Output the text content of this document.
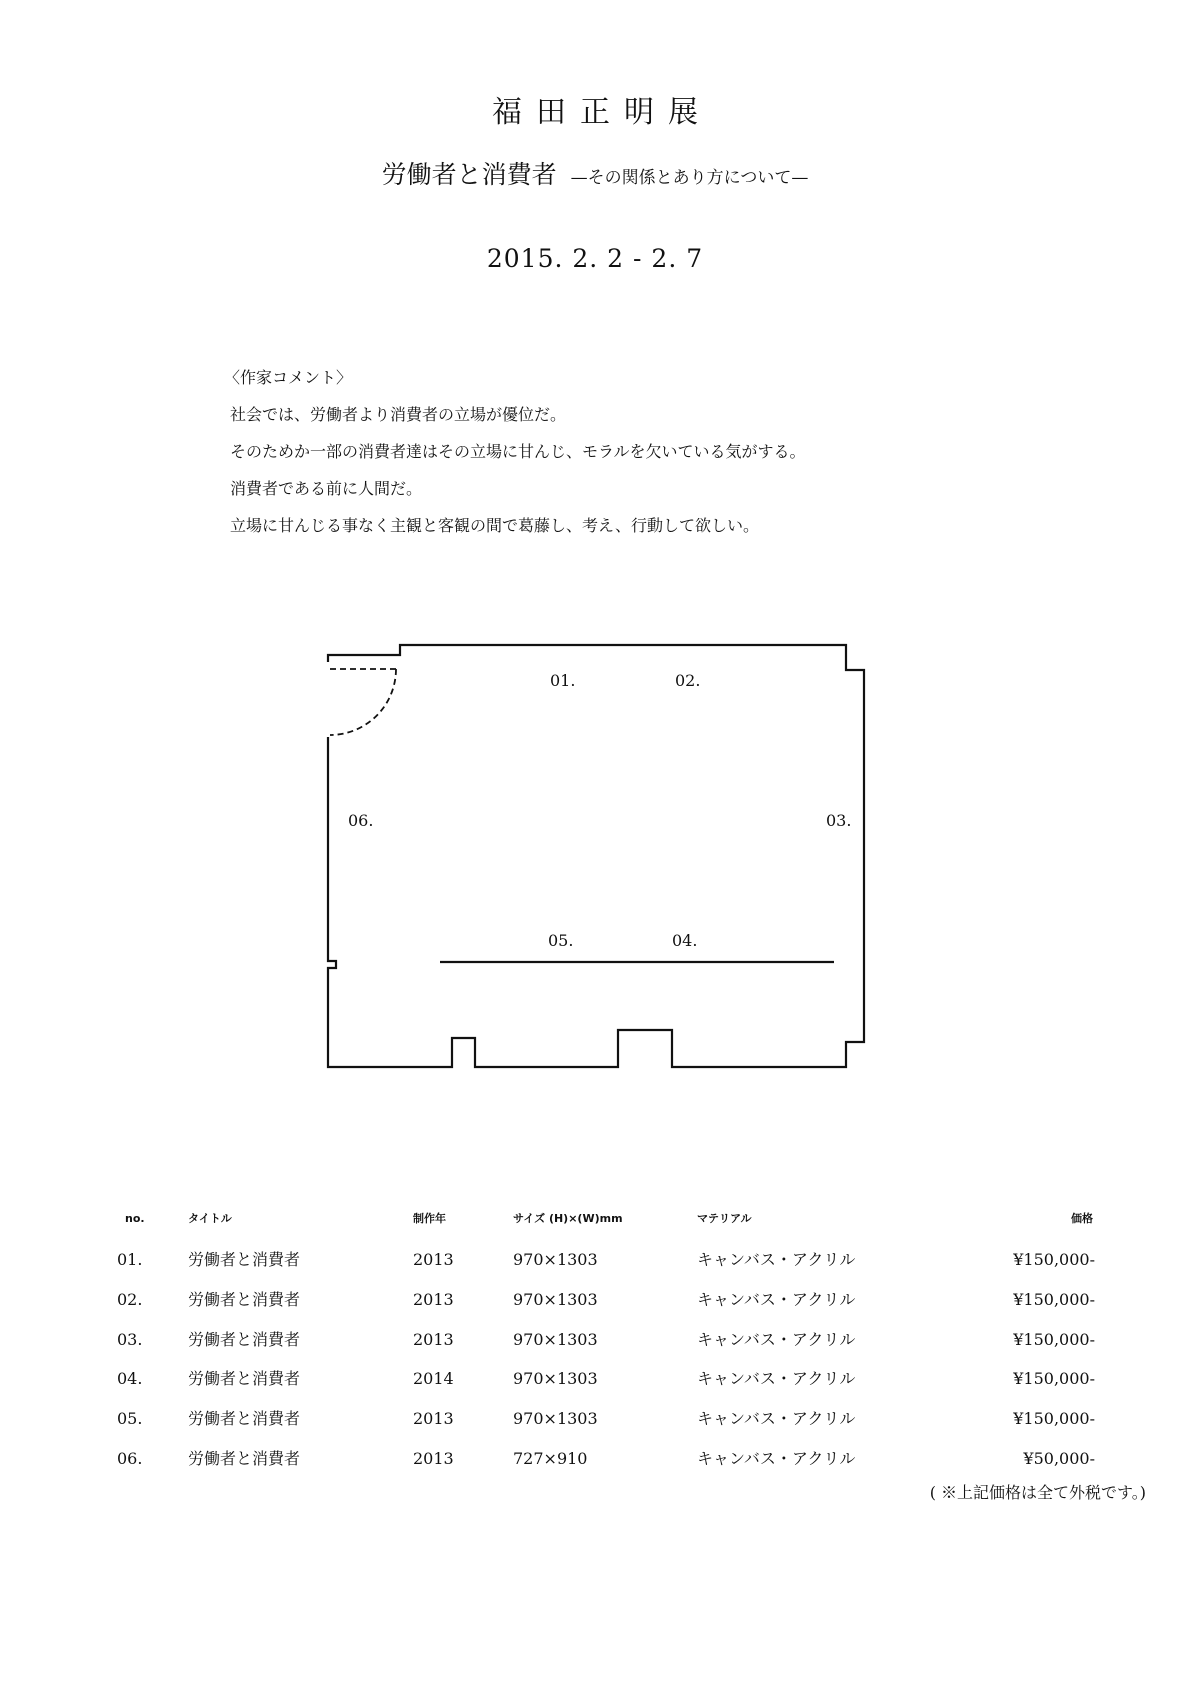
福田正明展
労働者と消費者 —その関係とあり方について—
2015. 2. 2 - 2. 7
〈作家コメント〉
社会では、労働者より消費者の立場が優位だ。
そのためか一部の消費者達はその立場に甘んじ、モラルを欠いている気がする。
消費者である前に人間だ。
立場に甘んじる事なく主観と客観の間で葛藤し、考え、行動して欲しい。
01.	02.
03.
04.
05.
06.
no.	タイトル	制作年	サイズ (H)×(W)mm	マテリアル	価格
01.	労働者と消費者	2013	970×1303	キャンバス・アクリル	¥150,000-
02.	労働者と消費者	2013	970×1303	キャンバス・アクリル	¥150,000-
03.	労働者と消費者	2013	970×1303	キャンバス・アクリル	¥150,000-
04.	労働者と消費者	2014	970×1303	キャンバス・アクリル	¥150,000-
05.	労働者と消費者	2013	970×1303	キャンバス・アクリル	¥150,000-
06.	労働者と消費者	2013	727×910	キャンバス・アクリル	¥50,000-
( ※上記価格は全て外税です。)
